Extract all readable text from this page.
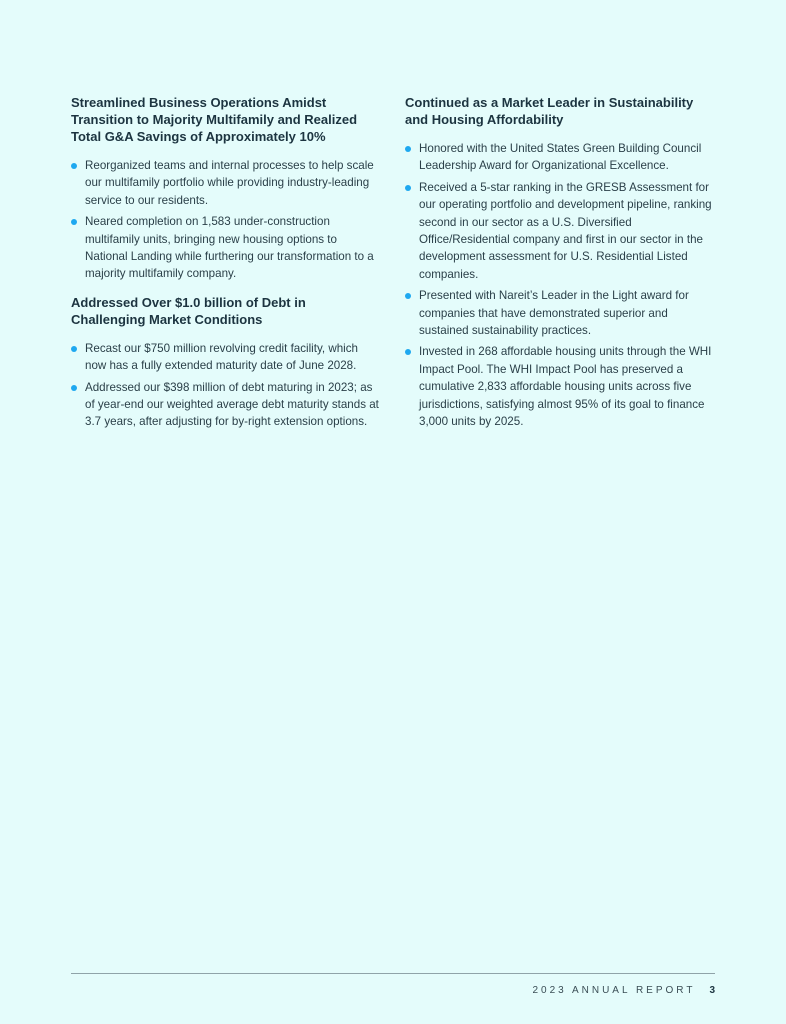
Streamlined Business Operations Amidst Transition to Majority Multifamily and Realized Total G&A Savings of Approximately 10%
Reorganized teams and internal processes to help scale our multifamily portfolio while providing industry-leading service to our residents.
Neared completion on 1,583 under-construction multifamily units, bringing new housing options to National Landing while furthering our transformation to a majority multifamily company.
Addressed Over $1.0 billion of Debt in Challenging Market Conditions
Recast our $750 million revolving credit facility, which now has a fully extended maturity date of June 2028.
Addressed our $398 million of debt maturing in 2023; as of year-end our weighted average debt maturity stands at 3.7 years, after adjusting for by-right extension options.
Continued as a Market Leader in Sustainability and Housing Affordability
Honored with the United States Green Building Council Leadership Award for Organizational Excellence.
Received a 5-star ranking in the GRESB Assessment for our operating portfolio and development pipeline, ranking second in our sector as a U.S. Diversified Office/Residential company and first in our sector in the development assessment for U.S. Residential Listed companies.
Presented with Nareit’s Leader in the Light award for companies that have demonstrated superior and sustained sustainability practices.
Invested in 268 affordable housing units through the WHI Impact Pool. The WHI Impact Pool has preserved a cumulative 2,833 affordable housing units across five jurisdictions, satisfying almost 95% of its goal to finance 3,000 units by 2025.
2023 ANNUAL REPORT 3
